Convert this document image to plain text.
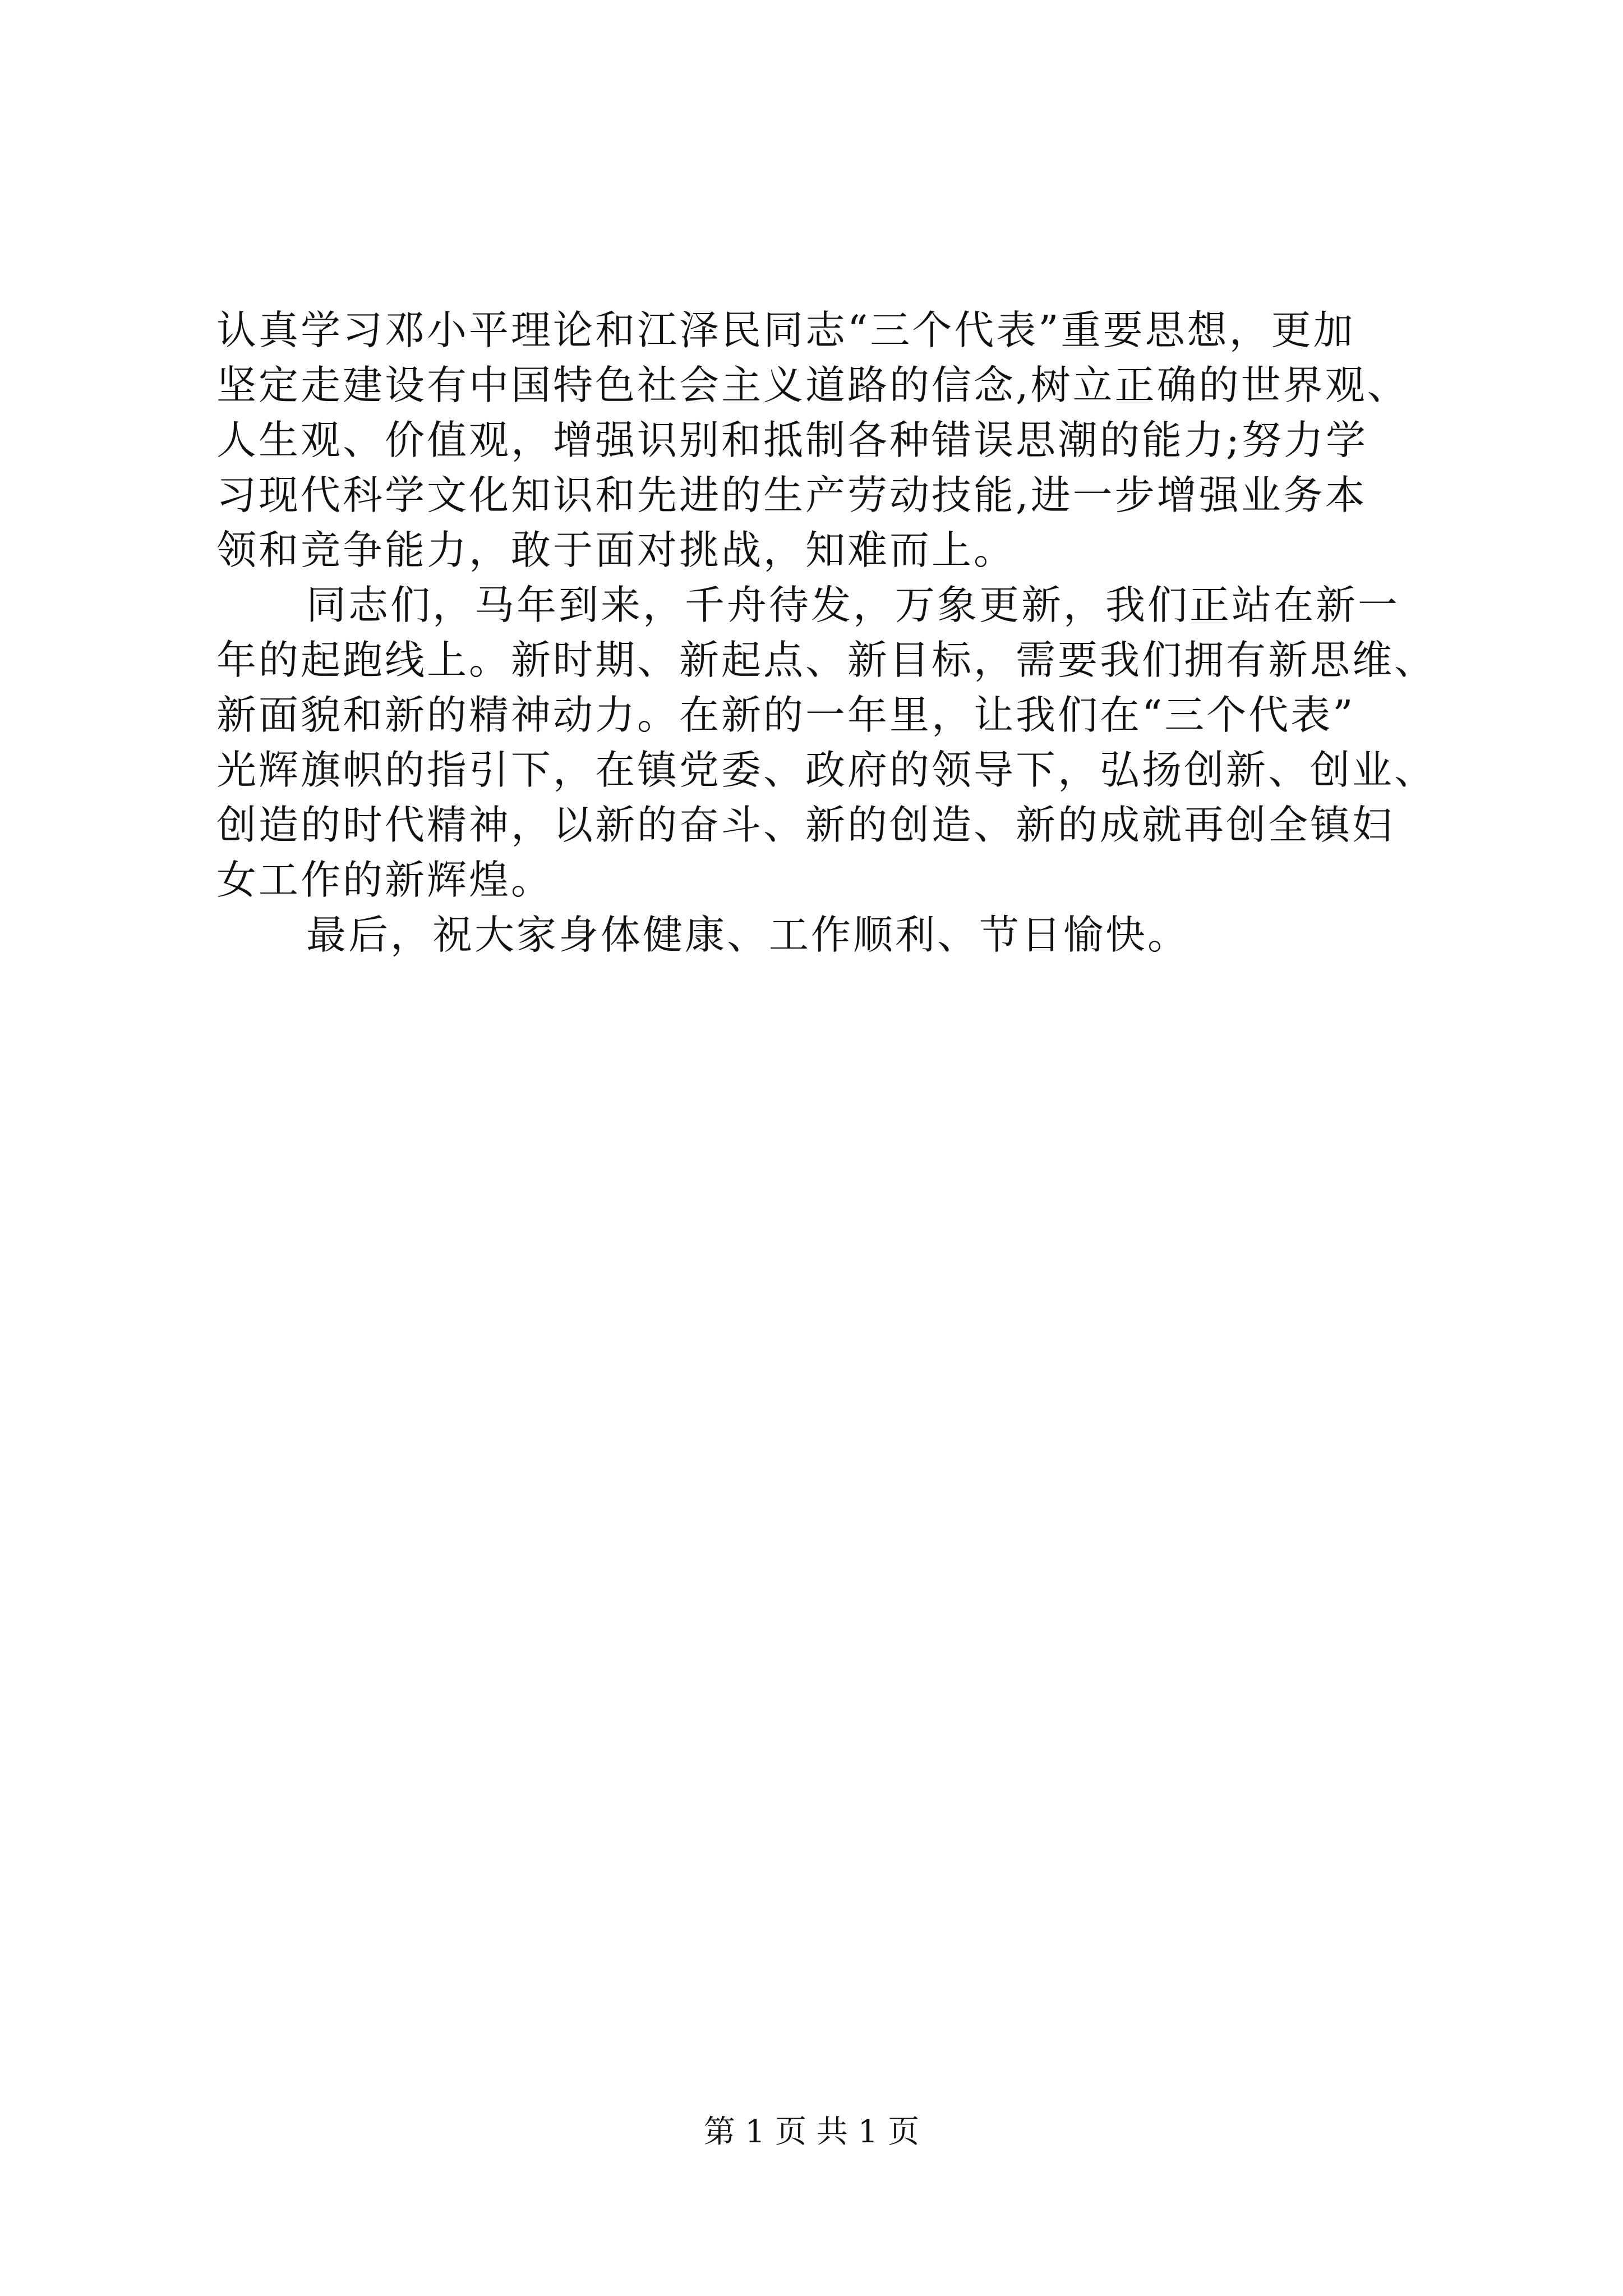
认真学习邓小平理论和江泽民同志“三个代表”重要思想，更加
坚定走建设有中国特色社会主义道路的信念,树立正确的世界观、
人生观、价值观，增强识别和抵制各种错误思潮的能力;努力学
习现代科学文化知识和先进的生产劳动技能,进一步增强业务本
领和竞争能力，敢于面对挑战，知难而上。
同志们，马年到来，千舟待发，万象更新，我们正站在新一
年的起跑线上。新时期、新起点、新目标，需要我们拥有新思维、
新面貌和新的精神动力。在新的一年里，让我们在“三个代表”
光辉旗帜的指引下，在镇党委、政府的领导下，弘扬创新、创业、
创造的时代精神，以新的奋斗、新的创造、新的成就再创全镇妇
女工作的新辉煌。
最后，祝大家身体健康、工作顺利、节日愉快。
第 1 页 共 1 页
